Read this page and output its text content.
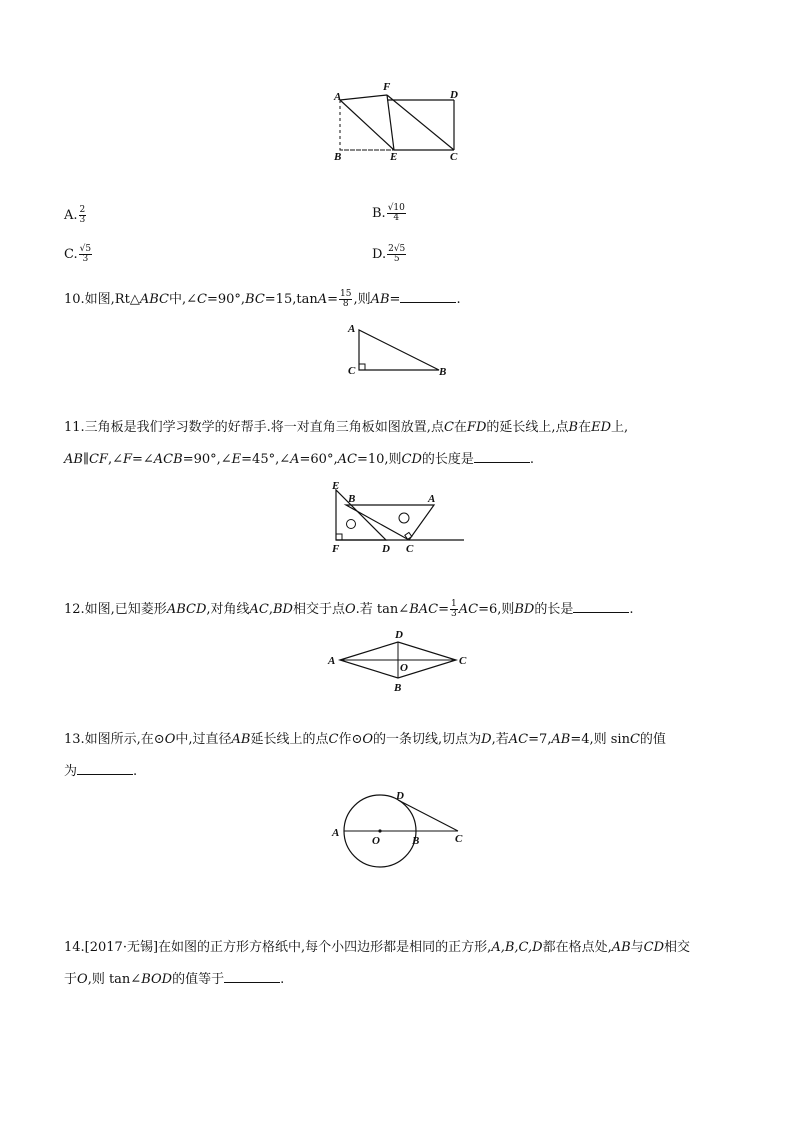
A
F
D
B	E	C
A. $\frac{2}{3}$	B. $\frac{√10}{4}$
C. $\frac{√5}{3}$	D. $\frac{2√5}{5}$
10.如图,Rt△ABC中,∠C=90°,BC=15,tanA= $\frac{15}{8}$ ,则AB=	.
A
C	B
11.三角板是我们学习数学的好帮手.将一对直角三角板如图放置,点C在FD的延长线上,点B在ED上,
AB∥CF,∠F=∠ACB=90°,∠E=45°,∠A=60°,AC=10,则CD的长度是	.
E
B	A
F	D C
12.如图,已知菱形ABCD,对角线AC,BD相交于点O.若 tan∠BAC= $\frac{1}{3} AC=6$,则BD的长是	.
A
D
O
C
B
13.如图所示,在⊙O中,过直径AB延长线上的点C作⊙O的一条切线,切点为D,若AC=7,AB=4,则 sinC的值
为	.
D
A
O	B	C
14.[2017·无锡]在如图的正方形方格纸中,每个小四边形都是相同的正方形,A,B,C,D都在格点处,AB与CD相交
于O,则 tan∠BOD的值等于	.
